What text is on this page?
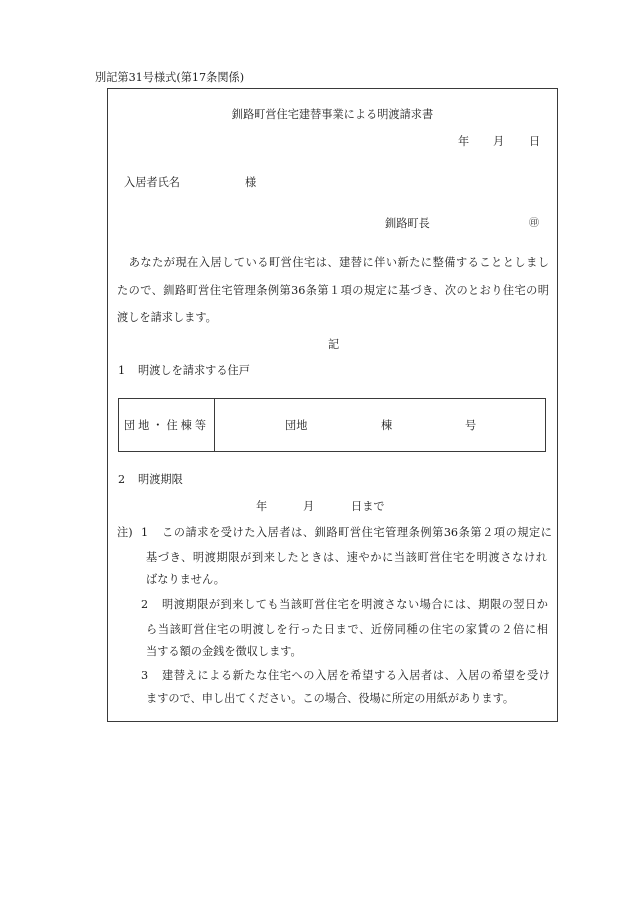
別記第31号様式(第17条関係)
釧路町営住宅建替事業による明渡請求書
年 月 日
入居者氏名	様
釧路町長	㊞
　あなたが現在入居している町営住宅は、建替に伴い新たに整備することとしまし
たので、釧路町営住宅管理条例第36条第１項の規定に基づき、次のとおり住宅の明
渡しを請求します。
記
1 明渡しを請求する住戸
団地・住棟等	団地	棟	号
2 明渡期限
年	月	日まで
注) 1 この請求を受けた入居者は、釧路町営住宅管理条例第36条第２項の規定に
基づき、明渡期限が到来したときは、速やかに当該町営住宅を明渡さなけれ
ばなりません。
2 明渡期限が到来しても当該町営住宅を明渡さない場合には、期限の翌日か
ら当該町営住宅の明渡しを行った日まで、近傍同種の住宅の家賃の２倍に相
当する額の金銭を徴収します。
3 建替えによる新たな住宅への入居を希望する入居者は、入居の希望を受け
ますので、申し出てください。この場合、役場に所定の用紙があります。
